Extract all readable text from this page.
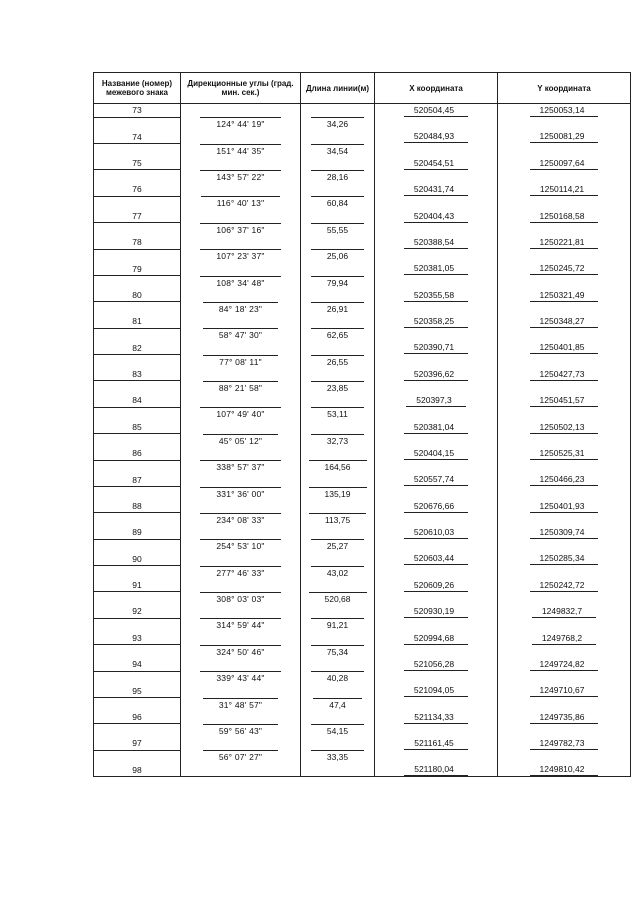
Название (номер) межевого знака	Дирекционные углы (град. мин. сек.)	Длина линии(м)	X координата	Y координата
73			520504,45	1250053,14
	124° 44' 19"	34,26		
74			520484,93	1250081,29
	151° 44' 35"	34,54		
75			520454,51	1250097,64
	143° 57' 22"	28,16		
76			520431,74	1250114,21
	116° 40' 13"	60,84		
77			520404,43	1250168,58
	106° 37' 16"	55,55		
78			520388,54	1250221,81
	107° 23' 37"	25,06		
79			520381,05	1250245,72
	108° 34' 48"	79,94		
80			520355,58	1250321,49
	84° 18' 23"	26,91		
81			520358,25	1250348,27
	58° 47' 30"	62,65		
82			520390,71	1250401,85
	77° 08' 11"	26,55		
83			520396,62	1250427,73
	88° 21' 58"	23,85		
84			520397,3	1250451,57
	107° 49' 40"	53,11		
85			520381,04	1250502,13
	45° 05' 12"	32,73		
86			520404,15	1250525,31
	338° 57' 37"	164,56		
87			520557,74	1250466,23
	331° 36' 00"	135,19		
88			520676,66	1250401,93
	234° 08' 33"	113,75		
89			520610,03	1250309,74
	254° 53' 10"	25,27		
90			520603,44	1250285,34
	277° 46' 33"	43,02		
91			520609,26	1250242,72
	308° 03' 03"	520,68		
92			520930,19	1249832,7
	314° 59' 44"	91,21		
93			520994,68	1249768,2
	324° 50' 46"	75,34		
94			521056,28	1249724,82
	339° 43' 44"	40,28		
95			521094,05	1249710,67
	31° 48' 57"	47,4		
96			521134,33	1249735,86
	59° 56' 43"	54,15		
97			521161,45	1249782,73
	56° 07' 27"	33,35		
98			521180,04	1249810,42
